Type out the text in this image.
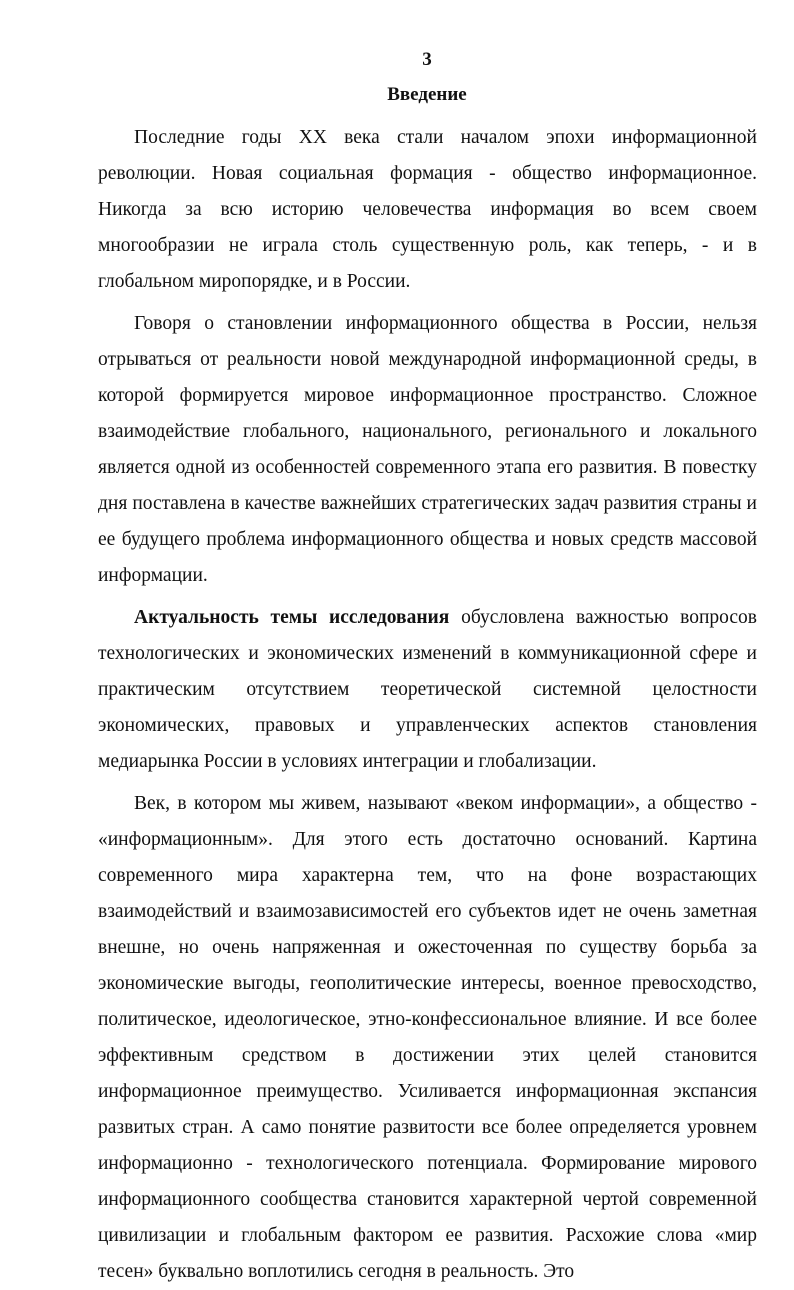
3
Введение

Последние годы XX века стали началом эпохи информационной революции. Новая социальная формация - общество информационное. Никогда за всю историю человечества информация во всем своем многообразии не играла столь существенную роль, как теперь, - и в глобальном миропорядке, и в России.

Говоря о становлении информационного общества в России, нельзя отрываться от реальности новой международной информационной среды, в которой формируется мировое информационное пространство. Сложное взаимодействие глобального, национального, регионального и локального является одной из особенностей современного этапа его развития. В повестку дня поставлена в качестве важнейших стратегических задач развития страны и ее будущего проблема информационного общества и новых средств массовой информации.

Актуальность темы исследования обусловлена важностью вопросов технологических и экономических изменений в коммуникационной сфере и практическим отсутствием теоретической системной целостности экономических, правовых и управленческих аспектов становления медиарынка России в условиях интеграции и глобализации.

Век, в котором мы живем, называют «веком информации», а общество - «информационным». Для этого есть достаточно оснований. Картина современного мира характерна тем, что на фоне возрастающих взаимодействий и взаимозависимостей его субъектов идет не очень заметная внешне, но очень напряженная и ожесточенная по существу борьба за экономические выгоды, геополитические интересы, военное превосходство, политическое, идеологическое, этно-конфессиональное влияние. И все более эффективным средством в достижении этих целей становится информационное преимущество. Усиливается информационная экспансия развитых стран. А само понятие развитости все более определяется уровнем информационно - технологического потенциала. Формирование мирового информационного сообщества становится характерной чертой современной цивилизации и глобальным фактором ее развития. Расхожие слова «мир тесен» буквально воплотились сегодня в реальность. Это
